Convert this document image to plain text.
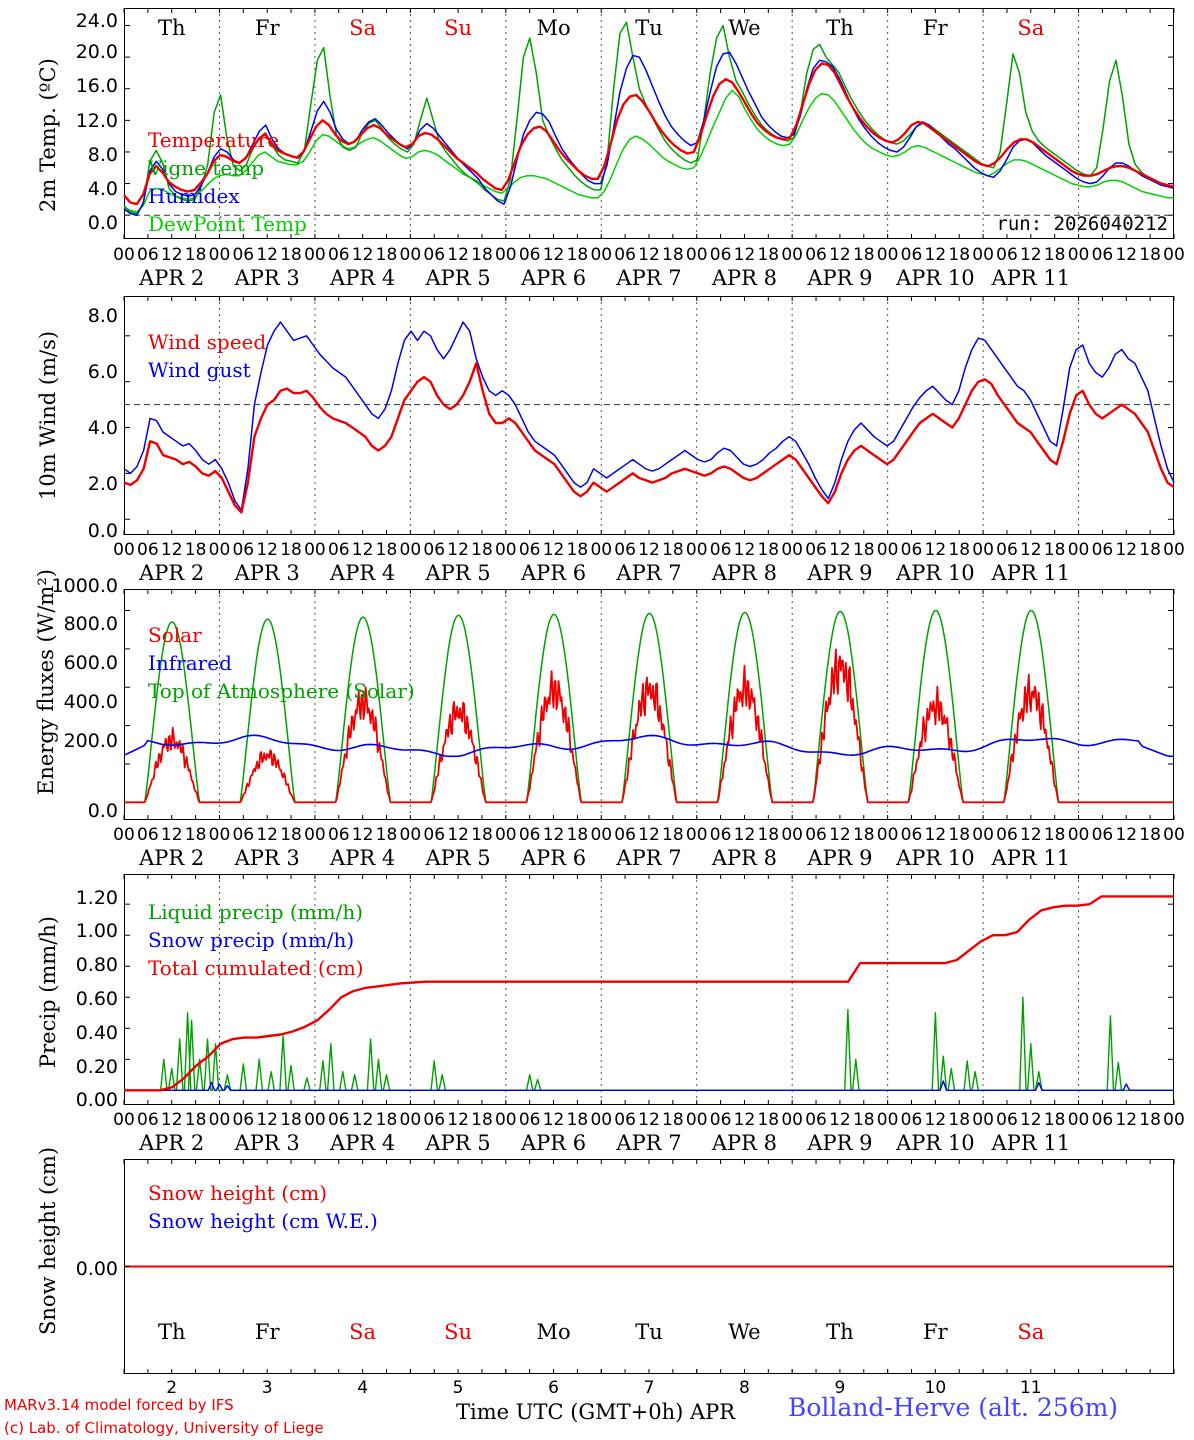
Temperature
Vigne temp
Humidex
DewPoint Temp	run: 2026040212
2m Temp. (ºC)
24.0
20.0
16.0
12.0
8.0
4.0
0.0
Th	Fr	Sa	Su	Mo	Tu	We	Th	Fr	Sa
00 06 12 18 00 06 12 18 00 06 12 18 00 06 12 18 00 06 12 18 00 06 12 18 00 06 12 18 00 06 12 18 00 06 12 18 00 06 12 18 00 06 12 18 00
APR 2 APR 3 APR 4 APR 5 APR 6 APR 7 APR 8 APR 9 APR 10 APR 11
Wind speed
Wind gust
10m Wind (m/s)
8.0
6.0
4.0
2.0
0.0
00 06 12 18 00 06 12 18 00 06 12 18 00 06 12 18 00 06 12 18 00 06 12 18 00 06 12 18 00 06 12 18 00 06 12 18 00 06 12 18 00 06 12 18 00
APR 2 APR 3 APR 4 APR 5 APR 6 APR 7 APR 8 APR 9 APR 10 APR 11
Solar
Infrared
Top of Atmosphere (Solar)
Energy fluxes (W/m²)
1000.0
800.0
600.0
400.0
200.0
0.0
00 06 12 18 00 06 12 18 00 06 12 18 00 06 12 18 00 06 12 18 00 06 12 18 00 06 12 18 00 06 12 18 00 06 12 18 00 06 12 18 00 06 12 18 00
APR 2 APR 3 APR 4 APR 5 APR 6 APR 7 APR 8 APR 9 APR 10 APR 11
Liquid precip (mm/h)
Snow precip (mm/h)
Total cumulated (cm)
Precip (mm/h)
1.20
1.00
0.80
0.60
0.40
0.20
0.00
00 06 12 18 00 06 12 18 00 06 12 18 00 06 12 18 00 06 12 18 00 06 12 18 00 06 12 18 00 06 12 18 00 06 12 18 00 06 12 18 00 06 12 18 00
APR 2 APR 3 APR 4 APR 5 APR 6 APR 7 APR 8 APR 9 APR 10 APR 11
Snow height (cm)
Snow height (cm W.E.)
Snow height (cm) 0.00
Th	Fr	Sa	Su	Mo	Tu	We	Th	Fr	Sa
2	3	4	5	6	7	8	9	10	11
Time UTC (GMT+0h) APR
MARv3.14 model forced by IFS
(c) Lab. of Climatology, University of Liege
Bolland-Herve (alt. 256m)
